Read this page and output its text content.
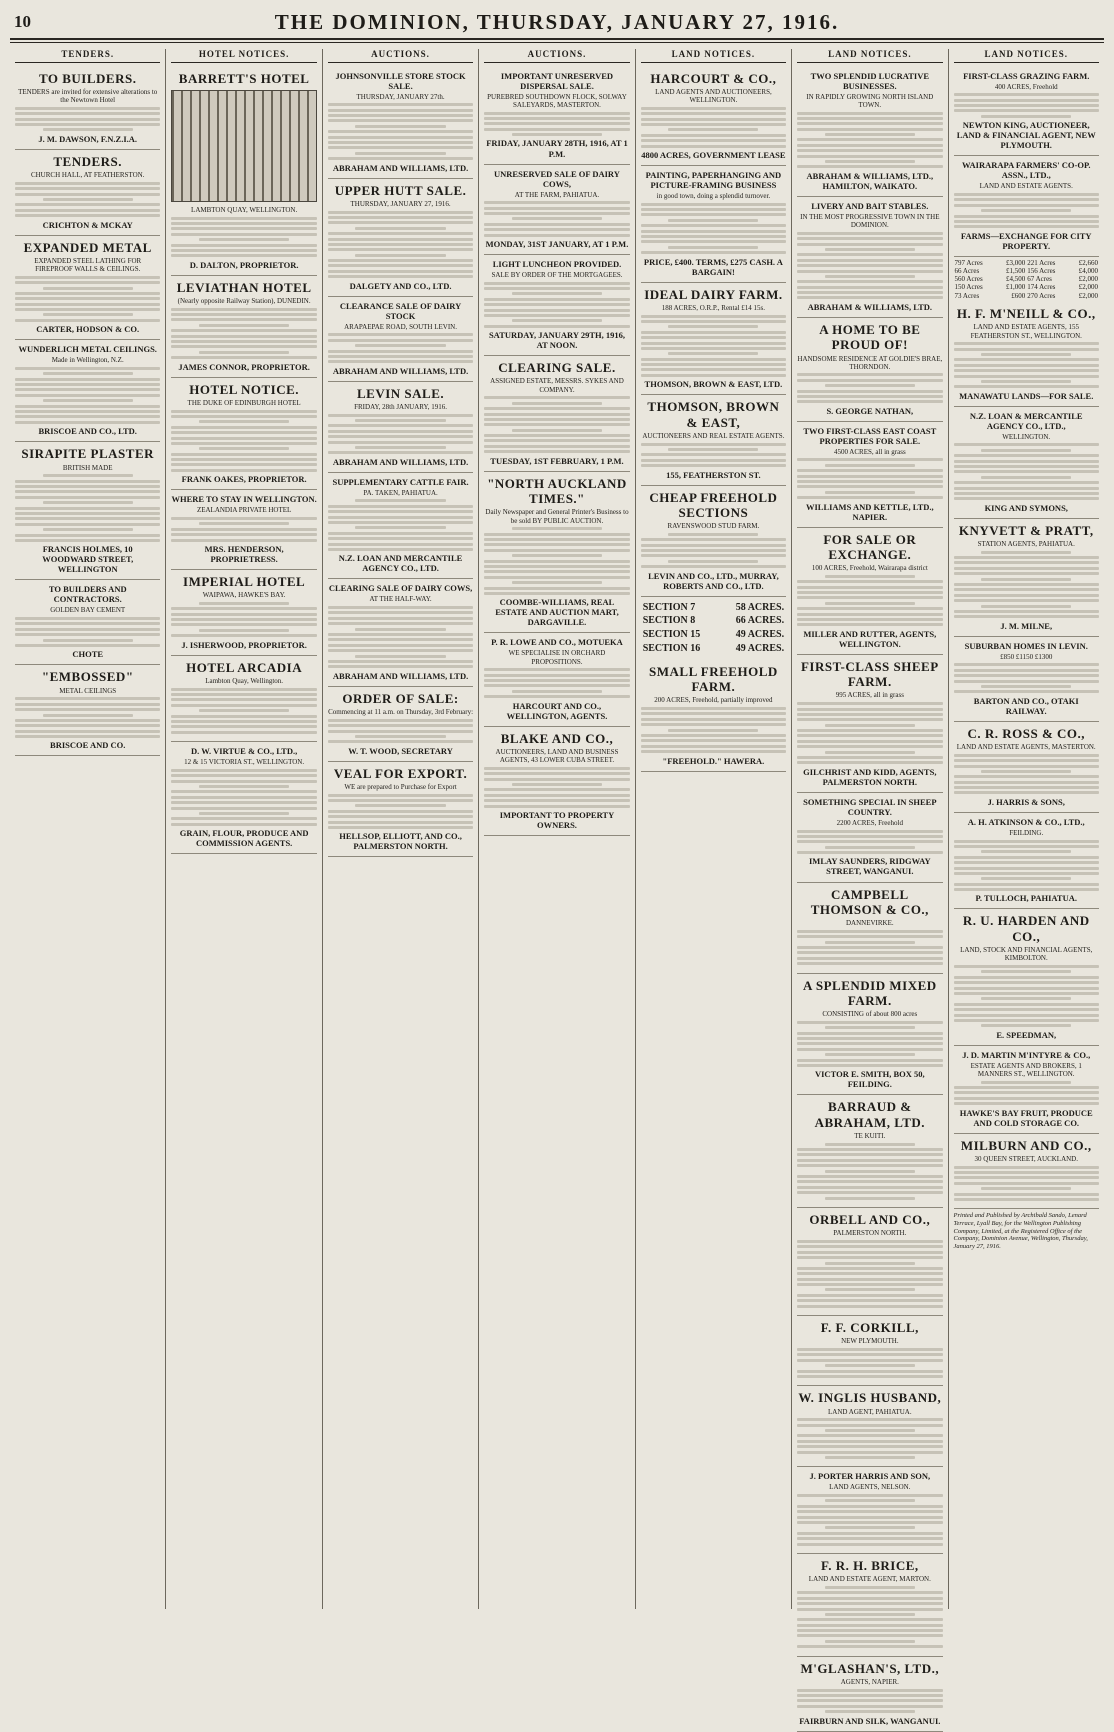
10	THE DOMINION, THURSDAY, JANUARY 27, 1916.
TENDERS.
TO BUILDERS.
TENDERS are invited for extensive alterations to the Newtown Hotel
J. M. DAWSON, F.N.Z.I.A.
TENDERS.
CHURCH HALL, AT FEATHERSTON.
CRICHTON & MCKAY
EXPANDED METAL
EXPANDED STEEL LATHING FOR FIREPROOF WALLS & CEILINGS.
CARTER, HODSON & CO.
WUNDERLICH METAL CEILINGS.
Made in Wellington, N.Z.
BRISCOE AND CO., LTD.
SIRAPITE PLASTER
BRITISH MADE
FRANCIS HOLMES, 10 WOODWARD STREET, WELLINGTON
TO BUILDERS AND CONTRACTORS.
GOLDEN BAY CEMENT
CHOTE
"EMBOSSED"
METAL CEILINGS
BRISCOE AND CO.
HOTEL NOTICES.
BARRETT'S HOTEL
LAMBTON QUAY, WELLINGTON.
D. DALTON, PROPRIETOR.
LEVIATHAN HOTEL
(Nearly opposite Railway Station), DUNEDIN.
JAMES CONNOR, PROPRIETOR.
HOTEL NOTICE.
THE DUKE OF EDINBURGH HOTEL
FRANK OAKES, PROPRIETOR.
WHERE TO STAY IN WELLINGTON.
ZEALANDIA PRIVATE HOTEL
MRS. HENDERSON, PROPRIETRESS.
IMPERIAL HOTEL
WAIPAWA, HAWKE'S BAY.
J. ISHERWOOD, PROPRIETOR.
HOTEL ARCADIA
Lambton Quay, Wellington.
D. W. VIRTUE & CO., LTD.,
12 & 15 VICTORIA ST., WELLINGTON.
GRAIN, FLOUR, PRODUCE AND COMMISSION AGENTS.
AUCTIONS.
JOHNSONVILLE STORE STOCK SALE.
THURSDAY, JANUARY 27th.
ABRAHAM AND WILLIAMS, LTD.
UPPER HUTT SALE.
THURSDAY, JANUARY 27, 1916.
DALGETY AND CO., LTD.
CLEARANCE SALE OF DAIRY STOCK
ARAPAEPAE ROAD, SOUTH LEVIN.
ABRAHAM AND WILLIAMS, LTD.
LEVIN SALE.
FRIDAY, 28th JANUARY, 1916.
ABRAHAM AND WILLIAMS, LTD.
SUPPLEMENTARY CATTLE FAIR.
PA. TAKEN, PAHIATUA.
N.Z. LOAN AND MERCANTILE AGENCY CO., LTD.
CLEARING SALE OF DAIRY COWS,
AT THE HALF-WAY.
ABRAHAM AND WILLIAMS, LTD.
ORDER OF SALE:
Commencing at 11 a.m. on Thursday, 3rd February:
W. T. WOOD, SECRETARY
VEAL FOR EXPORT.
WE are prepared to Purchase for Export
HELLSOP, ELLIOTT, AND CO., PALMERSTON NORTH.
AUCTIONS.
IMPORTANT UNRESERVED DISPERSAL SALE.
PUREBRED SOUTHDOWN FLOCK, SOLWAY SALEYARDS, MASTERTON.
FRIDAY, JANUARY 28TH, 1916, AT 1 P.M.
UNRESERVED SALE OF DAIRY COWS,
AT THE FARM, PAHIATUA.
MONDAY, 31ST JANUARY, AT 1 P.M.
LIGHT LUNCHEON PROVIDED.
SALE BY ORDER OF THE MORTGAGEES.
SATURDAY, JANUARY 29TH, 1916, AT NOON.
CLEARING SALE.
ASSIGNED ESTATE, MESSRS. SYKES AND COMPANY.
TUESDAY, 1ST FEBRUARY, 1 P.M.
"NORTH AUCKLAND TIMES."
Daily Newspaper and General Printer's Business to be sold BY PUBLIC AUCTION.
COOMBE-WILLIAMS, REAL ESTATE AND AUCTION MART, DARGAVILLE.
P. R. LOWE AND CO., MOTUEKA
WE SPECIALISE IN ORCHARD PROPOSITIONS.
HARCOURT AND CO., WELLINGTON, AGENTS.
BLAKE AND CO.,
AUCTIONEERS, LAND AND BUSINESS AGENTS, 43 LOWER CUBA STREET.
IMPORTANT TO PROPERTY OWNERS.
LAND NOTICES.
HARCOURT & CO.,
LAND AGENTS AND AUCTIONEERS, WELLINGTON.
4800 ACRES, GOVERNMENT LEASE
PAINTING, PAPERHANGING AND PICTURE-FRAMING BUSINESS
in good town, doing a splendid turnover.
PRICE, £400. TERMS, £275 CASH. A BARGAIN!
IDEAL DAIRY FARM.
188 ACRES, O.R.P., Rental £14 15s.
THOMSON, BROWN & EAST, LTD.
THOMSON, BROWN & EAST,
AUCTIONEERS AND REAL ESTATE AGENTS.
155, FEATHERSTON ST.
CHEAP FREEHOLD SECTIONS
RAVENSWOOD STUD FARM.
LEVIN AND CO., LTD., MURRAY, ROBERTS AND CO., LTD.
SECTION 7	58 ACRES.
SECTION 8	66 ACRES.
SECTION 15	49 ACRES.
SECTION 16	49 ACRES.
SMALL FREEHOLD FARM.
200 ACRES, Freehold, partially improved
"FREEHOLD." HAWERA.
LAND NOTICES.
TWO SPLENDID LUCRATIVE BUSINESSES.
IN RAPIDLY GROWING NORTH ISLAND TOWN.
ABRAHAM & WILLIAMS, LTD., HAMILTON, WAIKATO.
LIVERY AND BAIT STABLES.
IN THE MOST PROGRESSIVE TOWN IN THE DOMINION.
ABRAHAM & WILLIAMS, LTD.
A HOME TO BE PROUD OF!
HANDSOME RESIDENCE AT GOLDIE'S BRAE, THORNDON.
S. GEORGE NATHAN,
TWO FIRST-CLASS EAST COAST PROPERTIES FOR SALE.
4500 ACRES, all in grass
WILLIAMS AND KETTLE, LTD., NAPIER.
FOR SALE OR EXCHANGE.
100 ACRES, Freehold, Wairarapa district
MILLER AND RUTTER, AGENTS, WELLINGTON.
FIRST-CLASS SHEEP FARM.
995 ACRES, all in grass
GILCHRIST AND KIDD, AGENTS, PALMERSTON NORTH.
SOMETHING SPECIAL IN SHEEP COUNTRY.
2200 ACRES, Freehold
IMLAY SAUNDERS, RIDGWAY STREET, WANGANUI.
CAMPBELL THOMSON & CO.,
DANNEVIRKE.
A SPLENDID MIXED FARM.
CONSISTING of about 800 acres
VICTOR E. SMITH, BOX 50, FEILDING.
BARRAUD & ABRAHAM, LTD.
TE KUITI.
ORBELL AND CO.,
PALMERSTON NORTH.
F. F. CORKILL,
NEW PLYMOUTH.
W. INGLIS HUSBAND,
LAND AGENT, PAHIATUA.
J. PORTER HARRIS AND SON,
LAND AGENTS, NELSON.
F. R. H. BRICE,
LAND AND ESTATE AGENT, MARTON.
M'GLASHAN'S, LTD.,
AGENTS, NAPIER.
FAIRBURN AND SILK, WANGANUI.
LAND NOTICES.
FIRST-CLASS GRAZING FARM.
400 ACRES, Freehold
NEWTON KING, AUCTIONEER, LAND & FINANCIAL AGENT, NEW PLYMOUTH.
WAIRARAPA FARMERS' CO-OP. ASSN., LTD.,
LAND AND ESTATE AGENTS.
FARMS—EXCHANGE FOR CITY PROPERTY.
797 Acres	£3,000	221 Acres	£2,660
66 Acres	£1,500	156 Acres	£4,000
560 Acres	£4,500	67 Acres	£2,000
150 Acres	£1,000	174 Acres	£2,000
73 Acres	£600	270 Acres	£2,000
H. F. M'NEILL & CO.,
LAND AND ESTATE AGENTS, 155 FEATHERSTON ST., WELLINGTON.
MANAWATU LANDS—FOR SALE.
N.Z. LOAN & MERCANTILE AGENCY CO., LTD.,
WELLINGTON.
KING AND SYMONS,
KNYVETT & PRATT,
STATION AGENTS, PAHIATUA.
J. M. MILNE,
SUBURBAN HOMES IN LEVIN.
£850 £1150 £1300
BARTON AND CO., OTAKI RAILWAY.
C. R. ROSS & CO.,
LAND AND ESTATE AGENTS, MASTERTON.
J. HARRIS & SONS,
A. H. ATKINSON & CO., LTD.,
FEILDING.
P. TULLOCH, PAHIATUA.
R. U. HARDEN AND CO.,
LAND, STOCK AND FINANCIAL AGENTS, KIMBOLTON.
E. SPEEDMAN,
J. D. MARTIN M'INTYRE & CO.,
ESTATE AGENTS AND BROKERS, 1 MANNERS ST., WELLINGTON.
HAWKE'S BAY FRUIT, PRODUCE AND COLD STORAGE CO.
MILBURN AND CO.,
30 QUEEN STREET, AUCKLAND.
Printed and Published by Archibald Sando, Lenard Terrace, Lyall Bay, for the Wellington Publishing Company, Limited, at the Registered Office of the Company, Dominion Avenue, Wellington, Thursday, January 27, 1916.
